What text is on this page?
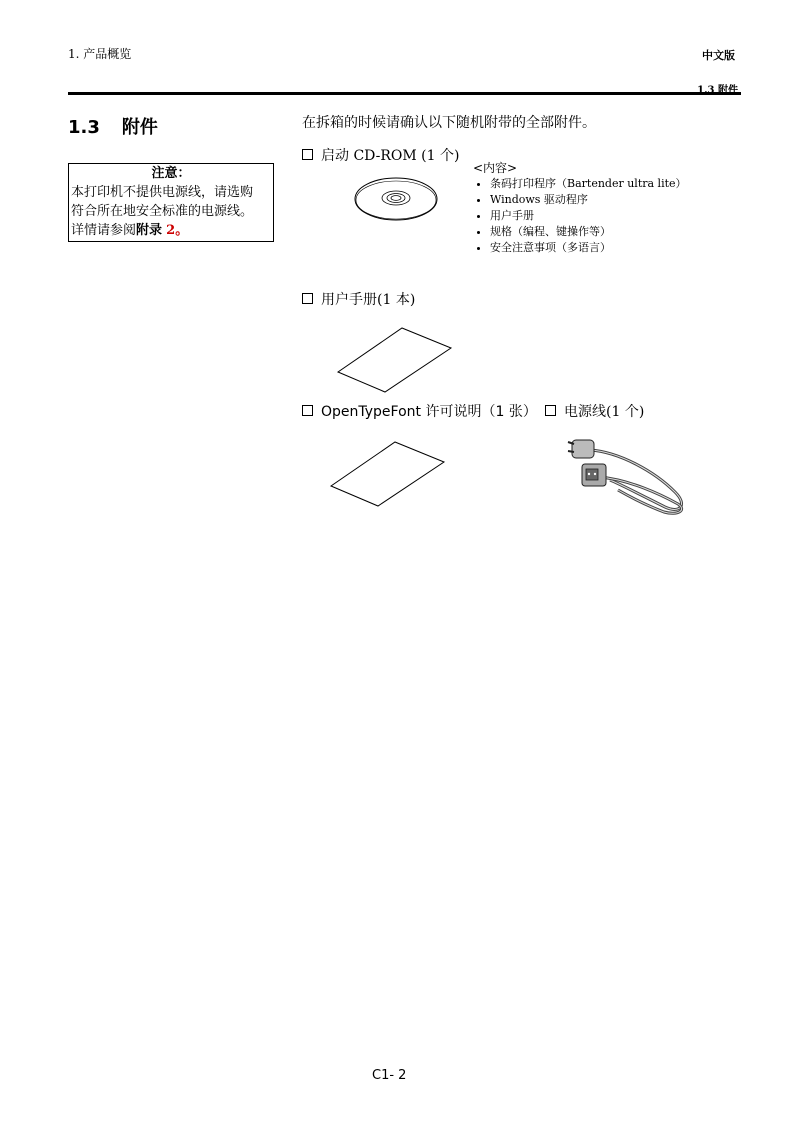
1. 产品概览	中文版
1.3 附件
1.3 附件
注意：
本打印机不提供电源线，请选购
符合所在地安全标准的电源线。
详情请参阅附录 2。
在拆箱的时候请确认以下随机附带的全部附件。
启动 CD-ROM (1 个)
<内容>
• 条码打印程序（Bartender ultra lite）
• Windows 驱动程序
• 用户手册
• 规格（编程、键操作等）
• 安全注意事项（多语言）
用户手册(1 本)
OpenTypeFont 许可说明（1 张）	电源线(1 个)
C1- 2
